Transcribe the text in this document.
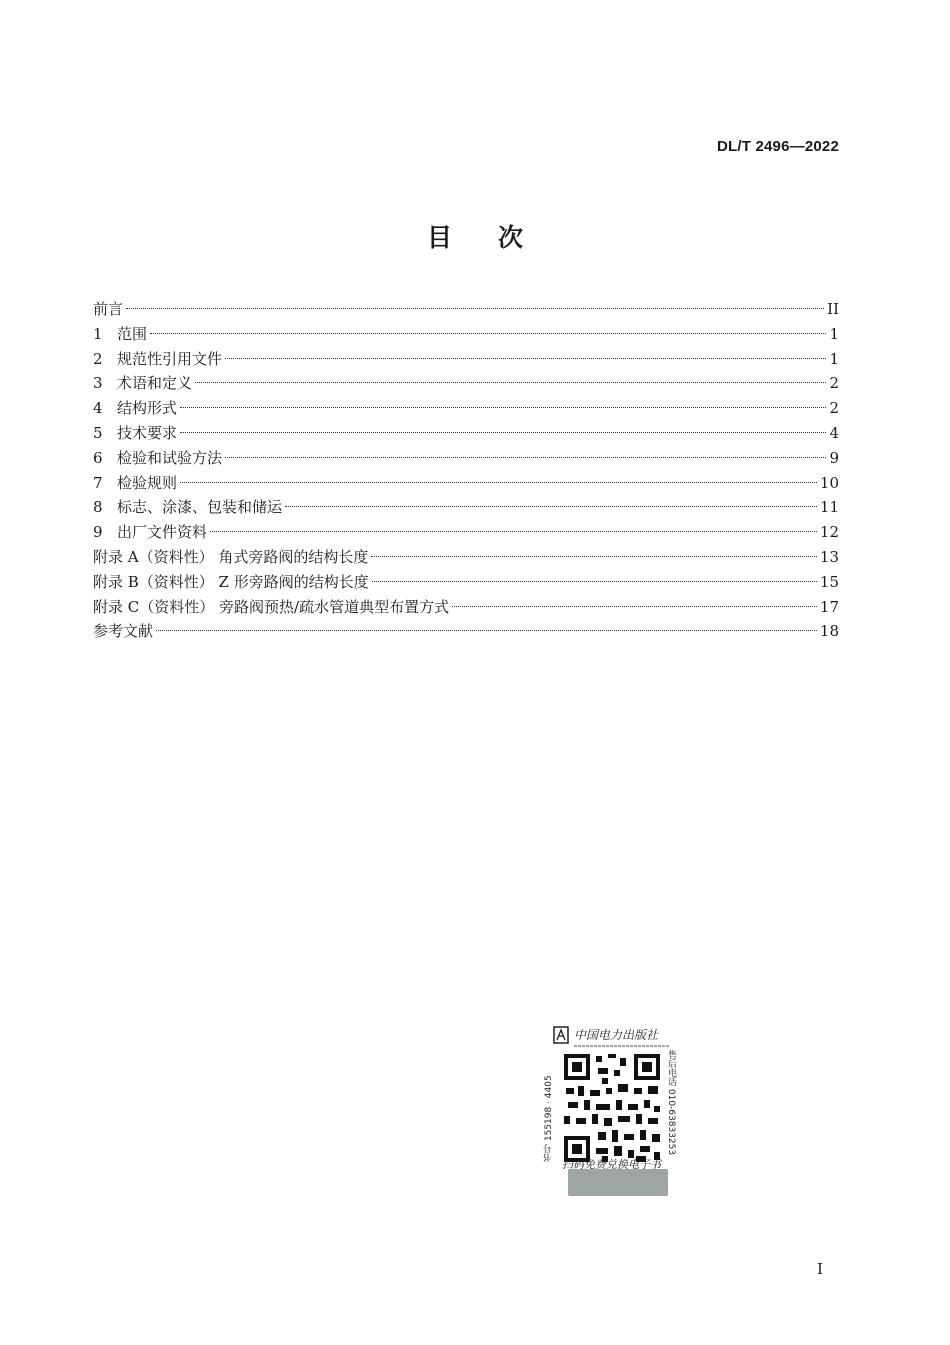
DL/T 2496—2022
目 次
前言	II
1 范围	1
2 规范性引用文件	1
3 术语和定义	2
4 结构形式	2
5 技术要求	4
6 检验和试验方法	9
7 检验规则	10
8 标志、涂漆、包装和储运	11
9 出厂文件资料	12
附录 A（资料性） 角式旁路阀的结构长度	13
附录 B（资料性） Z 形旁路阀的结构长度	15
附录 C（资料性） 旁路阀预热/疏水管道典型布置方式	17
参考文献	18
中国电力出版社
书号 155198 · 4405	售后电话 010-63833253
扫码免费兑换电子书
I
